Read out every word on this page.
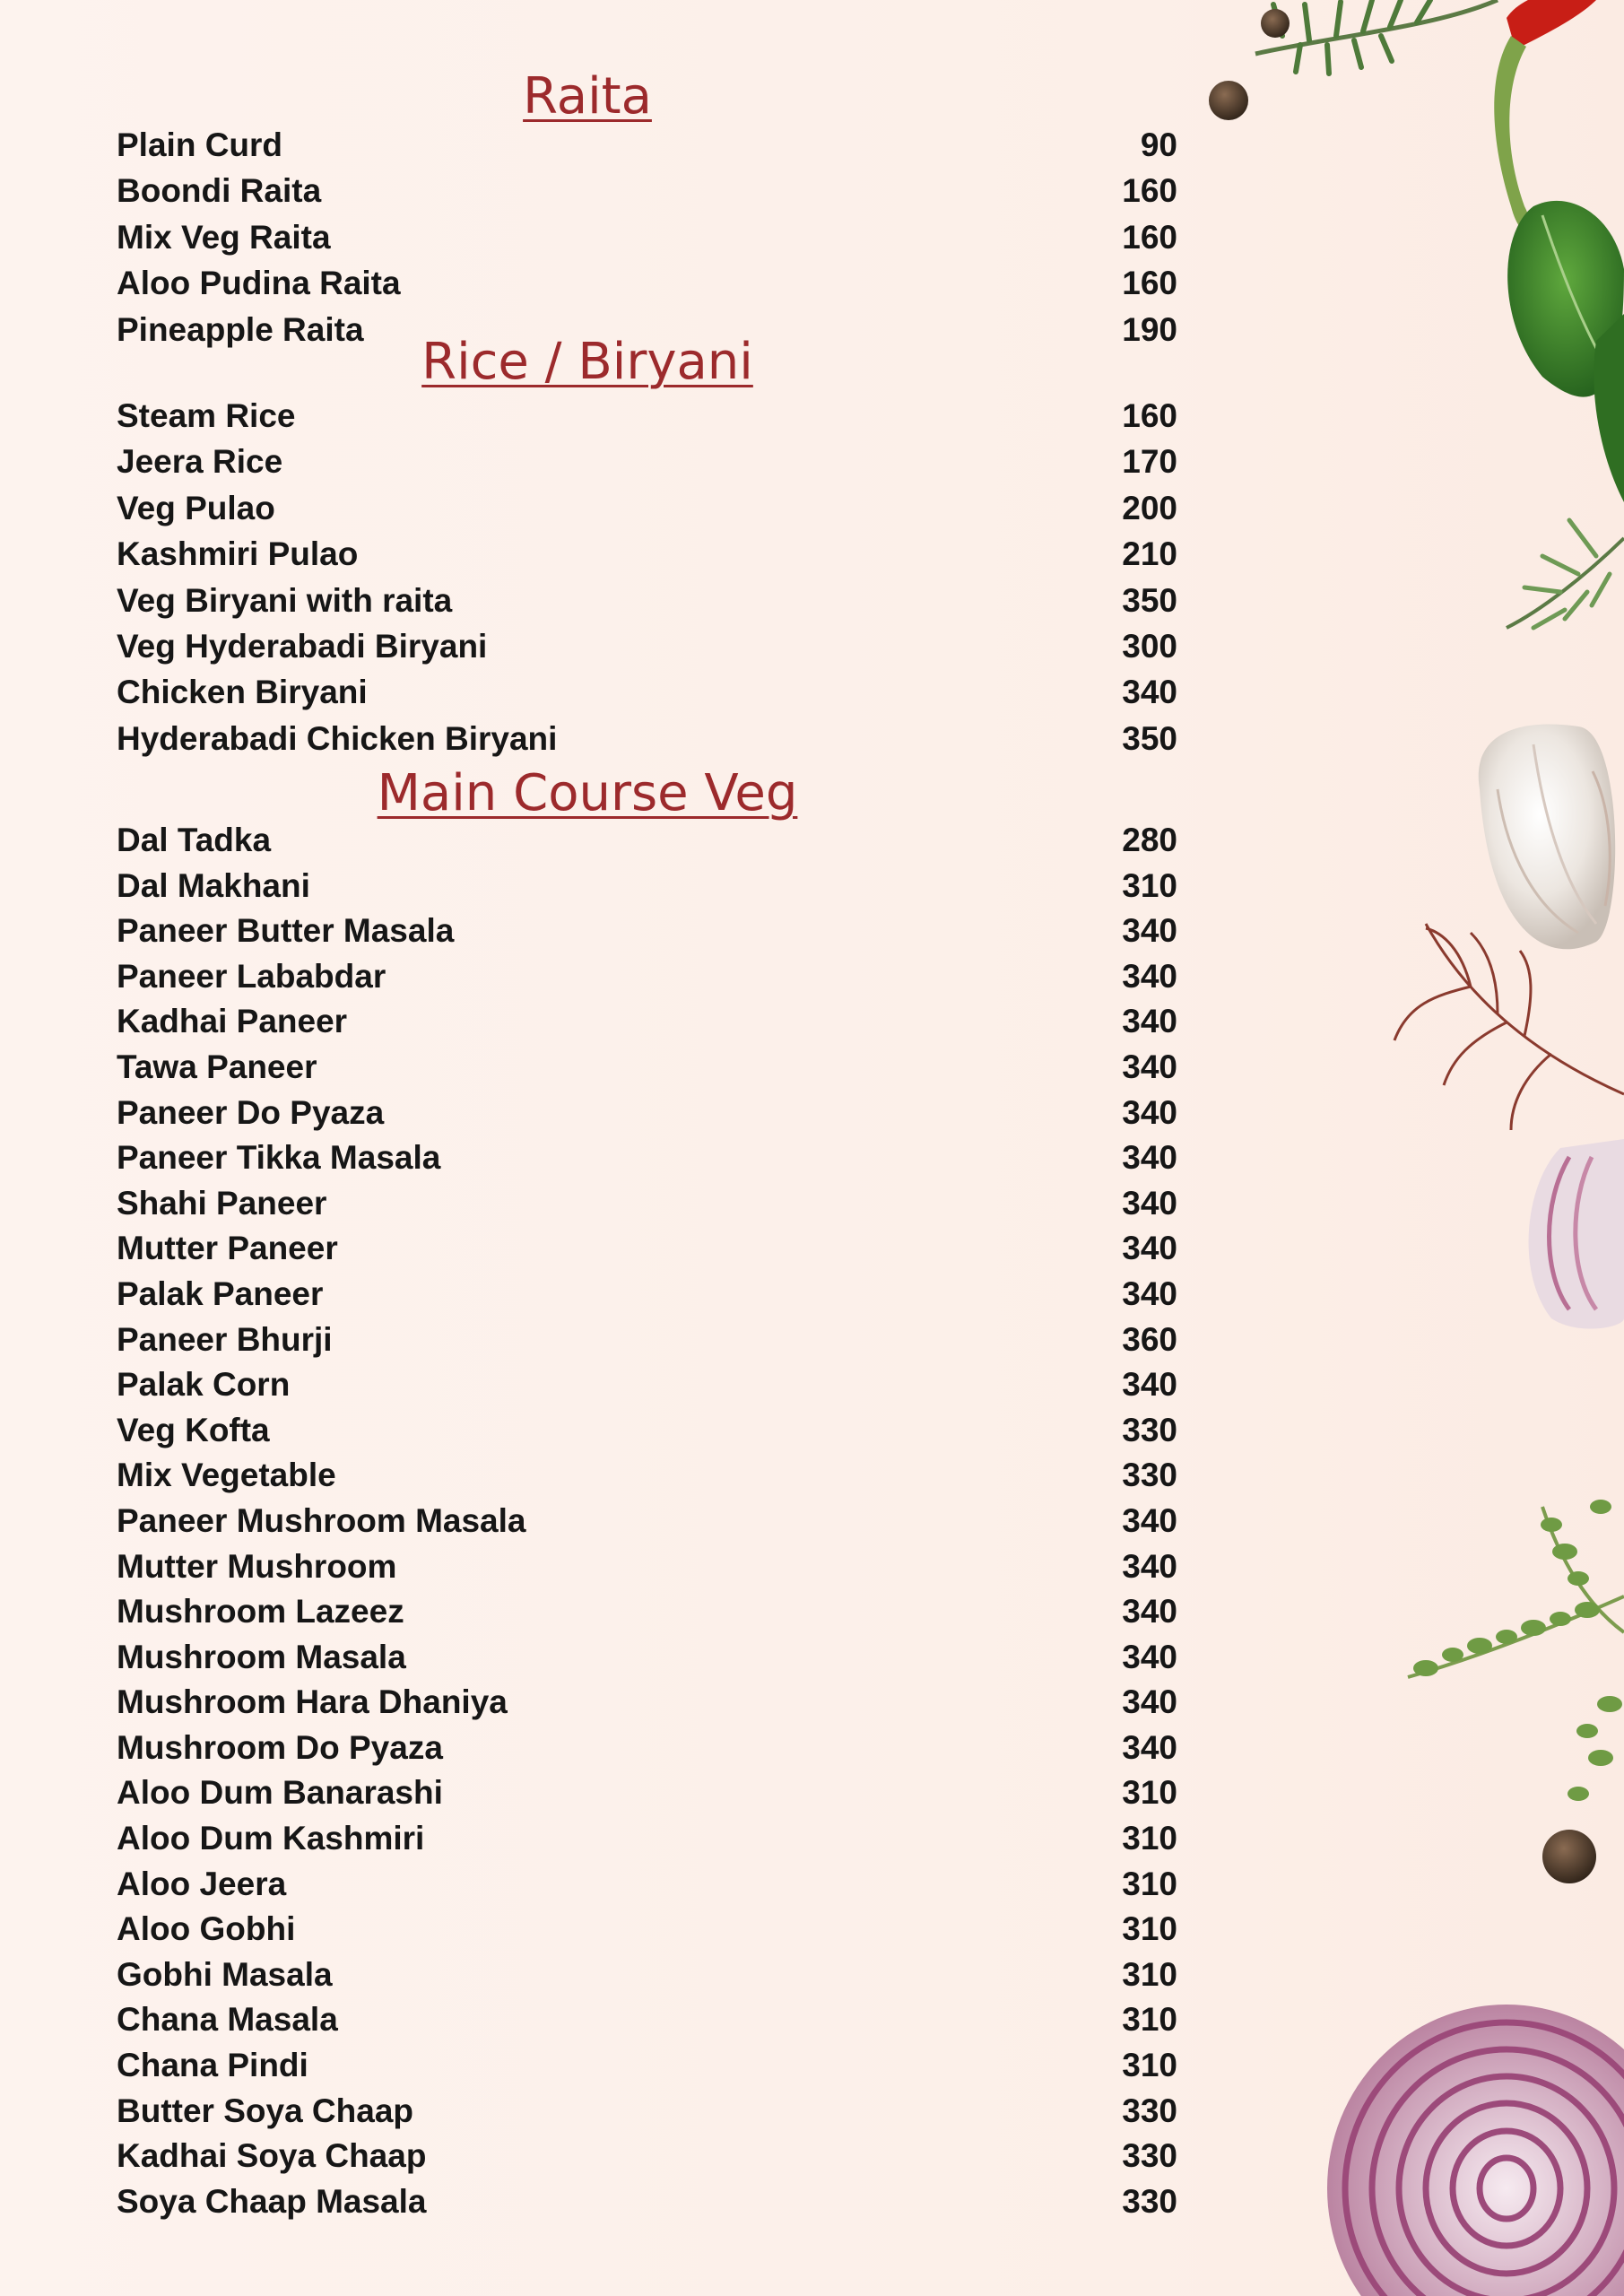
Raita
Plain Curd	90
Boondi Raita	160
Mix Veg Raita	160
Aloo Pudina Raita	160
Pineapple Raita	190
Rice / Biryani
Steam Rice	160
Jeera Rice	170
Veg Pulao	200
Kashmiri Pulao	210
Veg Biryani with raita	350
Veg Hyderabadi Biryani	300
Chicken Biryani	340
Hyderabadi Chicken Biryani	350
Main Course Veg
Dal Tadka	280
Dal Makhani	310
Paneer Butter Masala	340
Paneer Lababdar	340
Kadhai Paneer	340
Tawa Paneer	340
Paneer Do Pyaza	340
Paneer Tikka Masala	340
Shahi Paneer	340
Mutter Paneer	340
Palak Paneer	340
Paneer Bhurji	360
Palak Corn	340
Veg Kofta	330
Mix Vegetable	330
Paneer Mushroom Masala	340
Mutter Mushroom	340
Mushroom Lazeez	340
Mushroom Masala	340
Mushroom Hara Dhaniya	340
Mushroom Do Pyaza	340
Aloo Dum Banarashi	310
Aloo Dum Kashmiri	310
Aloo Jeera	310
Aloo Gobhi	310
Gobhi Masala	310
Chana Masala	310
Chana Pindi	310
Butter Soya Chaap	330
Kadhai Soya Chaap	330
Soya Chaap Masala	330
